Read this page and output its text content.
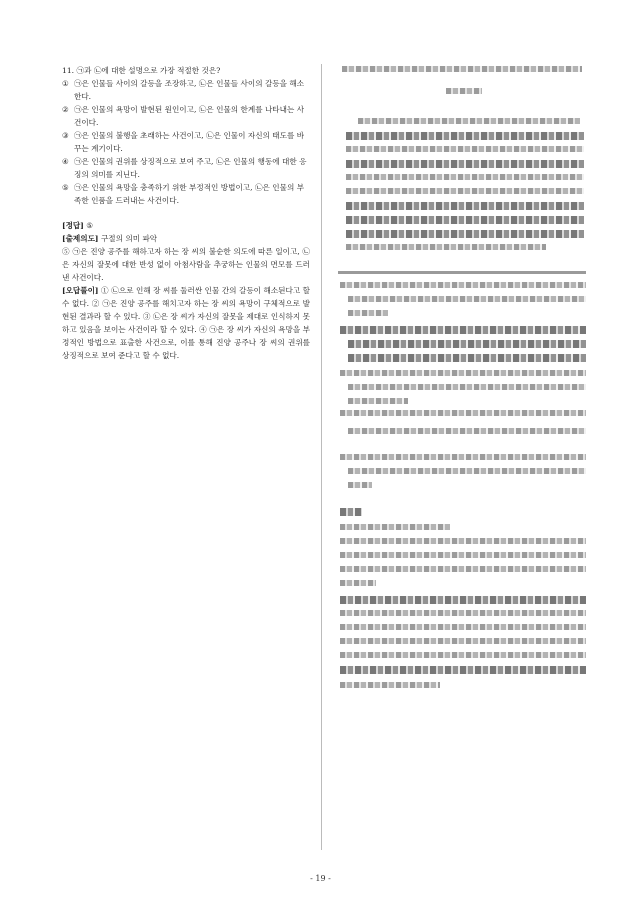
11. ㉠과 ㉡에 대한 설명으로 가장 적절한 것은?

① ㉠은 인물들 사이의 갈등을 조장하고, ㉡은 인물들 사이의 갈등을 해소한다.
② ㉠은 인물의 욕망이 발현된 원인이고, ㉡은 인물의 한계를 나타내는 사건이다.
③ ㉠은 인물의 불행을 초래하는 사건이고, ㉡은 인물이 자신의 태도를 바꾸는 계기이다.
④ ㉠은 인물의 권위를 상징적으로 보여 주고, ㉡은 인물의 행동에 대한 응징의 의미를 지닌다.
⑤ ㉠은 인물의 욕망을 충족하기 위한 부정적인 방법이고, ㉡은 인물의 부족한 인품을 드러내는 사건이다.

[정답] ⑤

[출제의도] 구절의 의미 파악

⑤ ㉠은 진양 공주를 해하고자 하는 장 씨의 불순한 의도에 따른 일이고, ㉡은 자신의 잘못에 대한 반성 없이 아첨사람을 추궁하는 인물의 면모를 드러낸 사건이다.

[오답풀이] ① ㉡으로 인해 장 씨를 둘러싼 인물 간의 갈등이 해소된다고 할 수 없다. ② ㉠은 진양 공주를 해치고자 하는 장 씨의 욕망이 구체적으로 발현된 결과라 할 수 있다. ③ ㉡은 장 씨가 자신의 잘못을 제대로 인식하지 못하고 있음을 보이는 사건이라 할 수 있다. ④ ㉠은 장 씨가 자신의 욕망을 부정적인 방법으로 표출한 사건으로, 이를 통해 진양 공주나 장 씨의 권위를 상징적으로 보여 준다고 할 수 없다.

- 19 -
